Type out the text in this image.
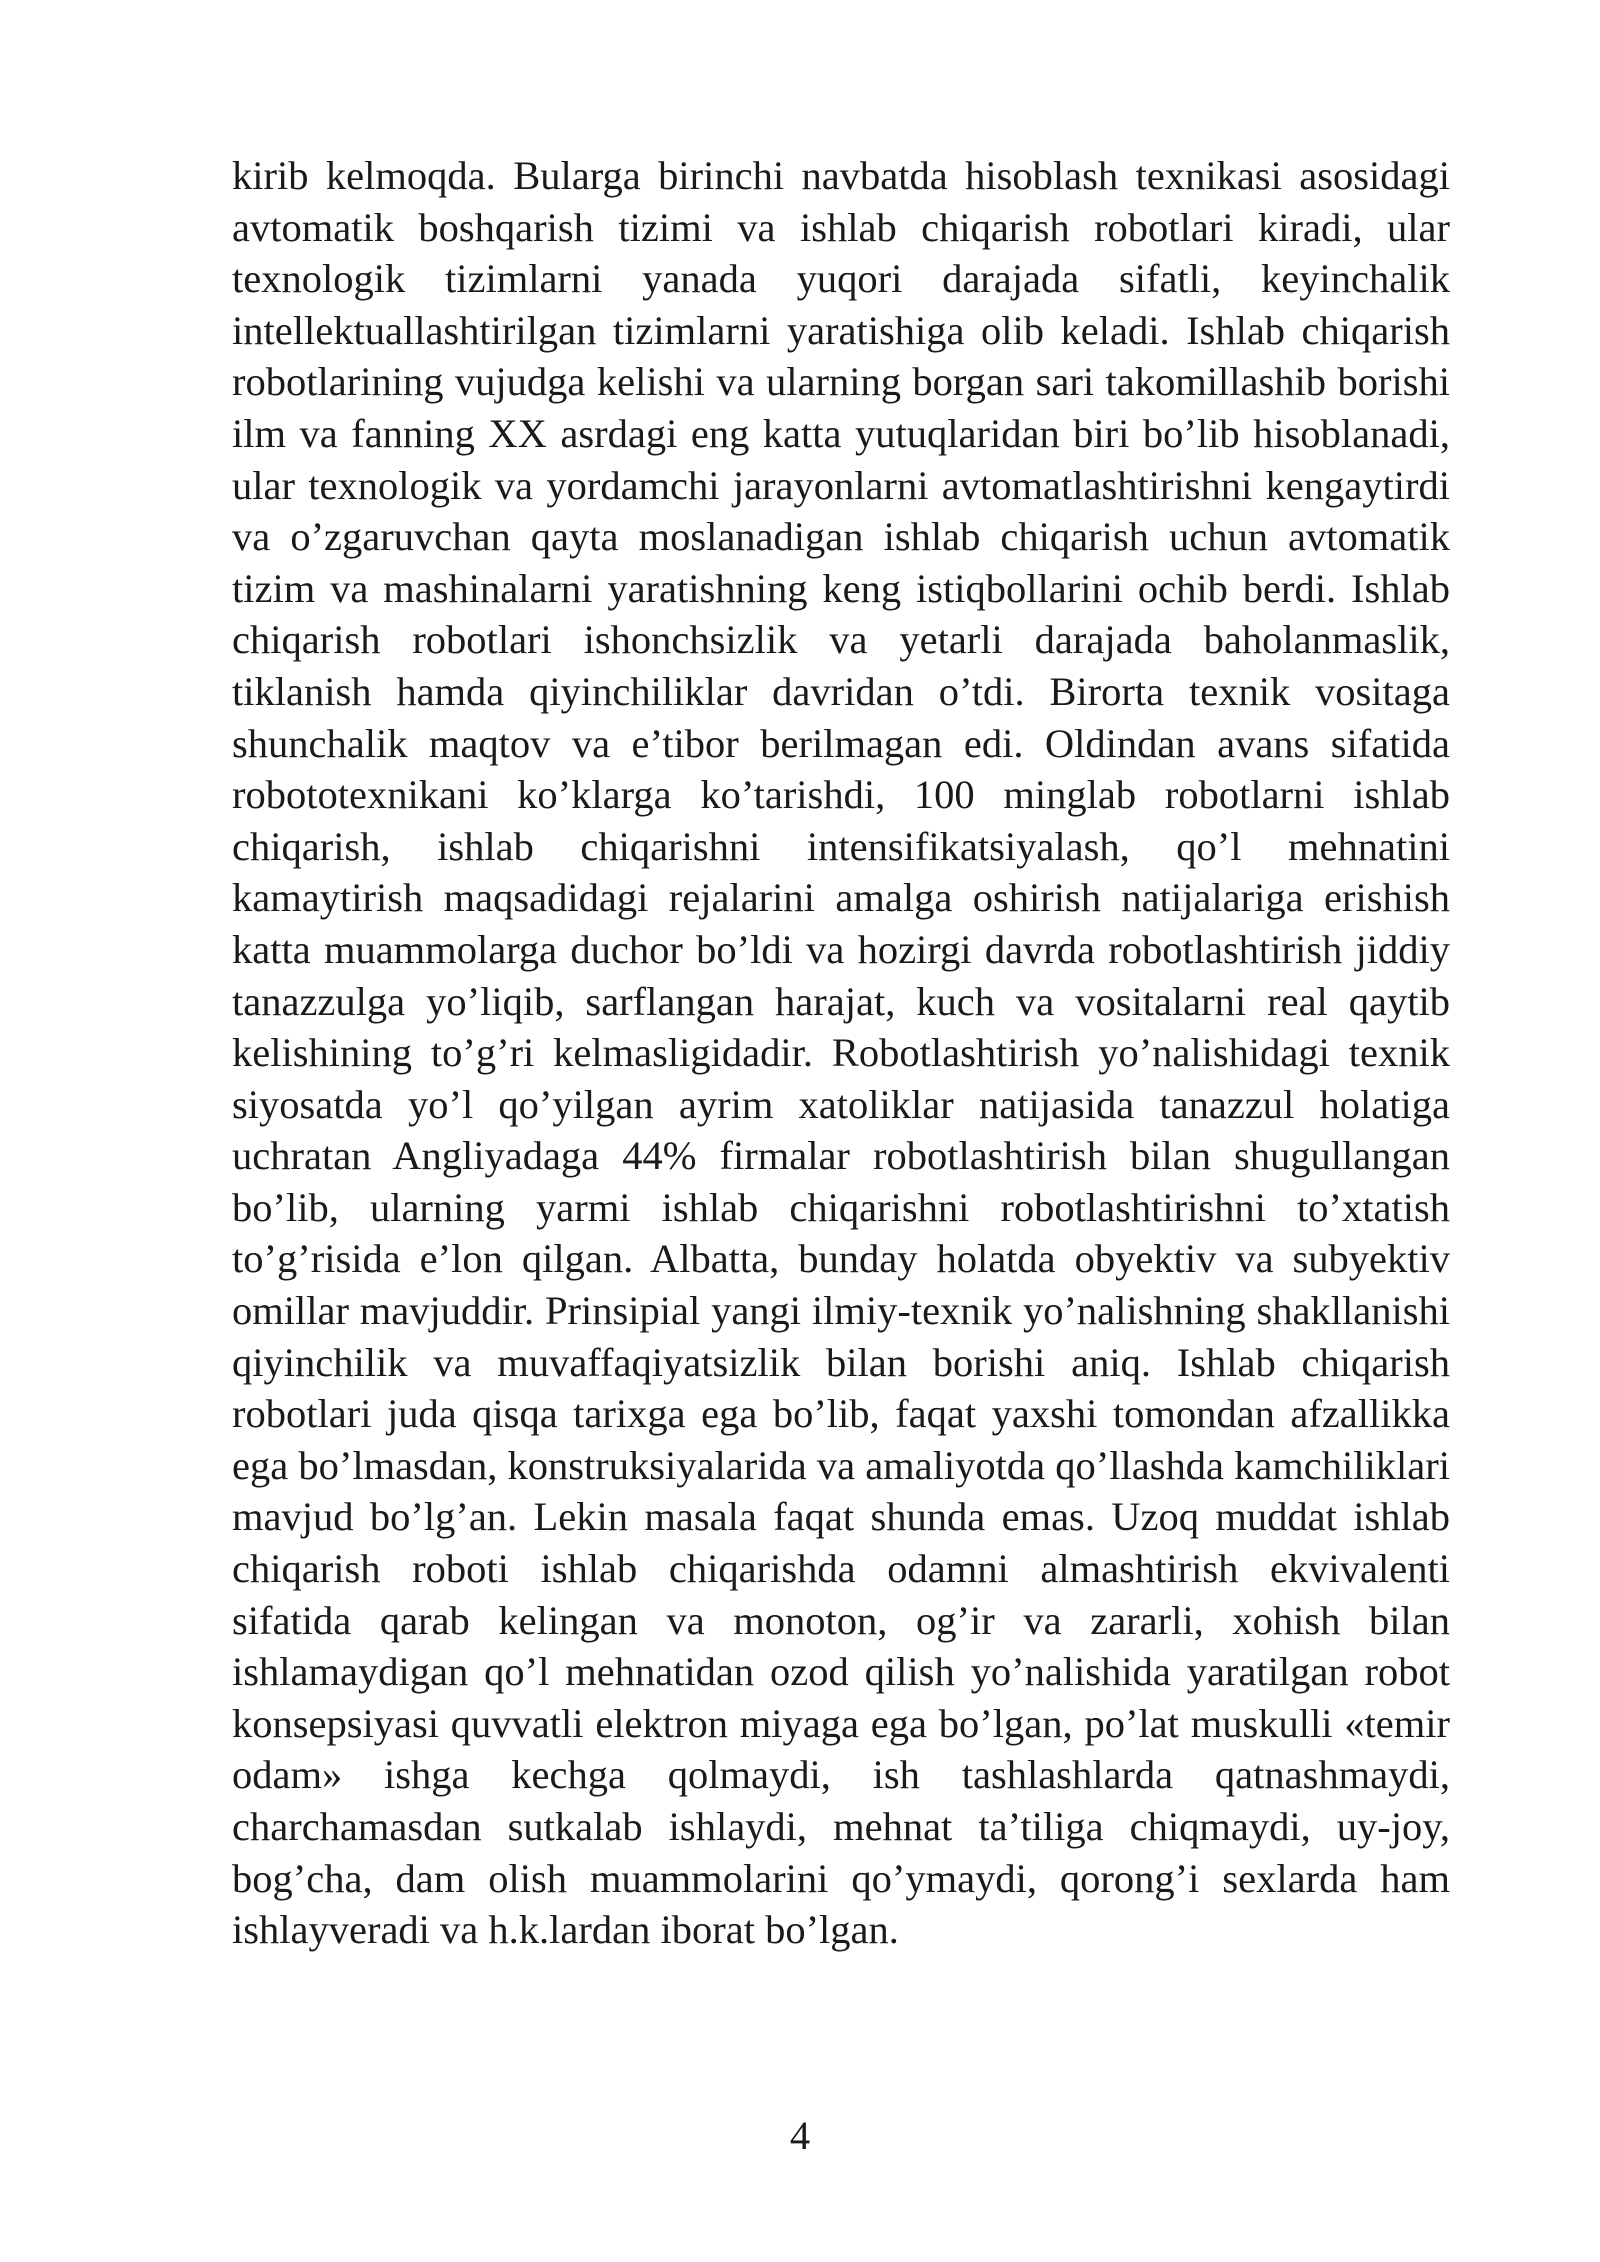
kirib kelmoqda. Bularga birinchi navbatda hisoblash texnikasi asosidagi avtomatik boshqarish tizimi va ishlab chiqarish robotlari kiradi, ular texnologik tizimlarni yanada yuqori darajada sifatli, keyinchalik intellektuallashtirilgan tizimlarni yaratishiga olib keladi. Ishlab chiqarish robotlarining vujudga kelishi va ularning borgan sari takomillashib borishi ilm va fanning XX asrdagi eng katta yutuqlaridan biri bo’lib hisoblanadi, ular texnologik va yordamchi jarayonlarni avtomatlashtirishni kengaytirdi va o’zgaruvchan qayta moslanadigan ishlab chiqarish uchun avtomatik tizim va mashinalarni yaratishning keng istiqbollarini ochib berdi. Ishlab chiqarish robotlari ishonchsizlik va yetarli darajada baholanmaslik, tiklanish hamda qiyinchiliklar davridan o’tdi. Birorta texnik vositaga shunchalik maqtov va e’tibor berilmagan edi. Oldindan avans sifatida robototexnikani ko’klarga ko’tarishdi, 100 minglab robotlarni ishlab chiqarish, ishlab chiqarishni intensifikatsiyalash, qo’l mehnatini kamaytirish maqsadidagi rejalarini amalga oshirish natijalariga erishish katta muammolarga duchor bo’ldi va hozirgi davrda robotlashtirish jiddiy tanazzulga yo’liqib, sarflangan harajat, kuch va vositalarni real qaytib kelishining to’g’ri kelmasligidadir. Robotlashtirish yo’nalishidagi texnik siyosatda yo’l qo’yilgan ayrim xatoliklar natijasida tanazzul holatiga uchratan Angliyadaga 44% firmalar robotlashtirish bilan shugullangan bo’lib, ularning yarmi ishlab chiqarishni robotlashtirishni to’xtatish to’g’risida e’lon qilgan. Albatta, bunday holatda obyektiv va subyektiv omillar mavjuddir. Prinsipial yangi ilmiy-texnik yo’nalishning shakllanishi qiyinchilik va muvaffaqiyatsizlik bilan borishi aniq. Ishlab chiqarish robotlari juda qisqa tarixga ega bo’lib, faqat yaxshi tomondan afzallikka ega bo’lmasdan, konstruksiyalarida va amaliyotda qo’llashda kamchiliklari mavjud bo’lg’an. Lekin masala faqat shunda emas. Uzoq muddat ishlab chiqarish roboti ishlab chiqarishda odamni almashtirish ekvivalenti sifatida qarab kelingan va monoton, og’ir va zararli, xohish bilan ishlamaydigan qo’l mehnatidan ozod qilish yo’nalishida yaratilgan robot konsepsiyasi quvvatli elektron miyaga ega bo’lgan, po’lat muskulli «temir odam» ishga kechga qolmaydi, ish tashlashlarda qatnashmaydi, charchamasdan sutkalab ishlaydi, mehnat ta’tiliga chiqmaydi, uy-joy, bog’cha, dam olish muammolarini qo’ymaydi, qorong’i sexlarda ham ishlayveradi va h.k.lardan iborat bo’lgan.

4
